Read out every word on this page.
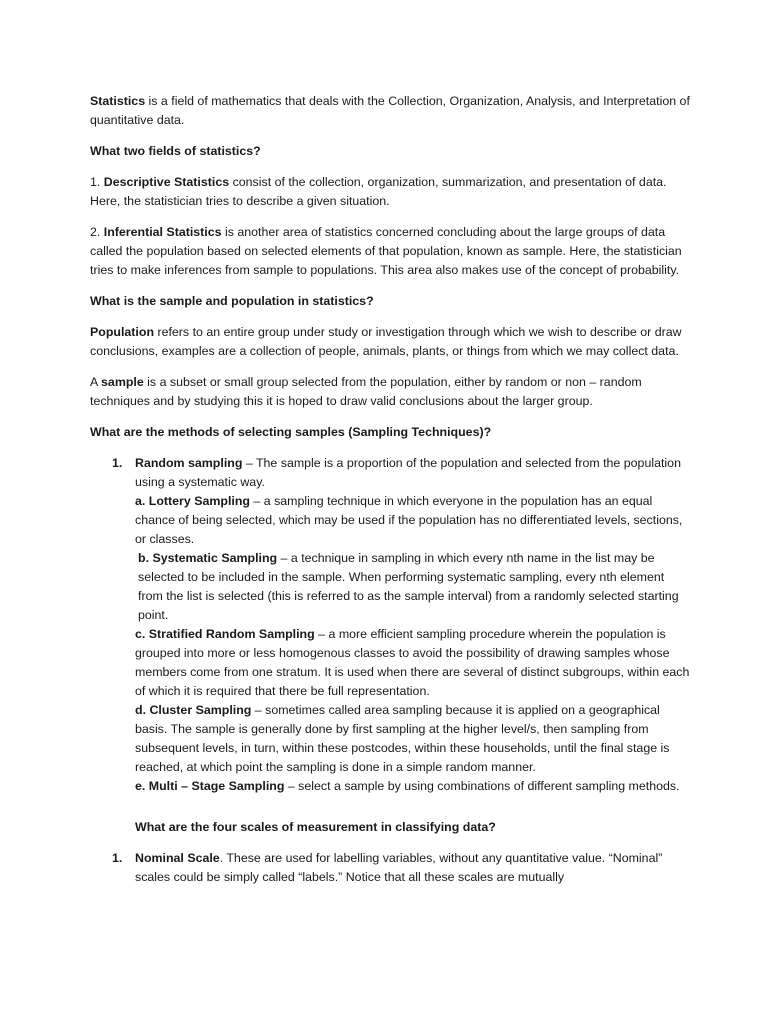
Statistics is a field of mathematics that deals with the Collection, Organization, Analysis, and Interpretation of quantitative data.

What two fields of statistics?

1. Descriptive Statistics consist of the collection, organization, summarization, and presentation of data. Here, the statistician tries to describe a given situation.

2. Inferential Statistics is another area of statistics concerned concluding about the large groups of data called the population based on selected elements of that population, known as sample. Here, the statistician tries to make inferences from sample to populations. This area also makes use of the concept of probability.

What is the sample and population in statistics?

Population refers to an entire group under study or investigation through which we wish to describe or draw conclusions, examples are a collection of people, animals, plants, or things from which we may collect data.

A sample is a subset or small group selected from the population, either by random or non – random techniques and by studying this it is hoped to draw valid conclusions about the larger group.

What are the methods of selecting samples (Sampling Techniques)?

1. Random sampling – The sample is a proportion of the population and selected from the population using a systematic way.

a. Lottery Sampling – a sampling technique in which everyone in the population has an equal chance of being selected, which may be used if the population has no differentiated levels, sections, or classes.

b. Systematic Sampling – a technique in sampling in which every nth name in the list may be selected to be included in the sample. When performing systematic sampling, every nth element from the list is selected (this is referred to as the sample interval) from a randomly selected starting point.

c. Stratified Random Sampling – a more efficient sampling procedure wherein the population is grouped into more or less homogenous classes to avoid the possibility of drawing samples whose members come from one stratum. It is used when there are several of distinct subgroups, within each of which it is required that there be full representation.

d. Cluster Sampling – sometimes called area sampling because it is applied on a geographical basis. The sample is generally done by first sampling at the higher level/s, then sampling from subsequent levels, in turn, within these postcodes, within these households, until the final stage is reached, at which point the sampling is done in a simple random manner.

e. Multi – Stage Sampling – select a sample by using combinations of different sampling methods.

What are the four scales of measurement in classifying data?

1. Nominal Scale. These are used for labelling variables, without any quantitative value. “Nominal” scales could be simply called “labels.” Notice that all these scales are mutually
